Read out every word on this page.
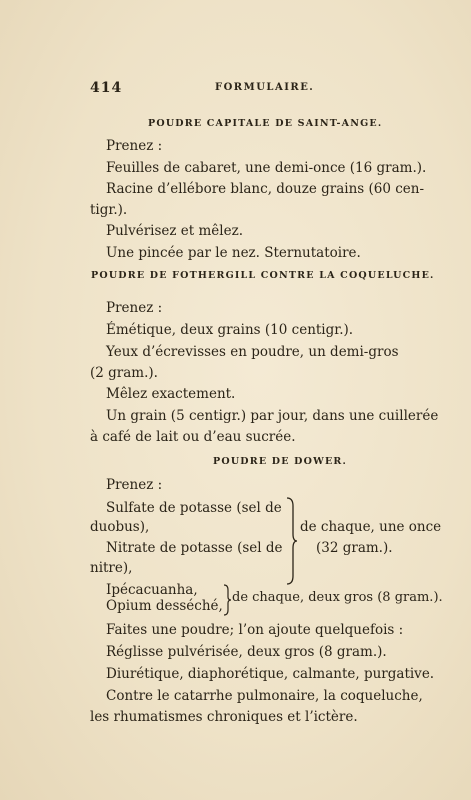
414	FORMULAIRE.
POUDRE CAPITALE DE SAINT-ANGE.
Prenez :
Feuilles de cabaret, une demi-once (16 gram.).
Racine d’ellébore blanc, douze grains (60 cen-
tigr.).
Pulvérisez et mêlez.
Une pincée par le nez. Sternutatoire.
POUDRE DE FOTHERGILL CONTRE LA COQUELUCHE.
Prenez :
Émétique, deux grains (10 centigr.).
Yeux d’écrevisses en poudre, un demi-gros
(2 gram.).
Mêlez exactement.
Un grain (5 centigr.) par jour, dans une cuillerée
à café de lait ou d’eau sucrée.
POUDRE DE DOWER.
Prenez :
Sulfate de potasse (sel de
duobus),
Nitrate de potasse (sel de
nitre),
de chaque, une once
(32 gram.).
Ipécacuanha,
Opium desséché,
de chaque, deux gros (8 gram.).
Faites une poudre; l’on ajoute quelquefois :
Réglisse pulvérisée, deux gros (8 gram.).
Diurétique, diaphorétique, calmante, purgative.
Contre le catarrhe pulmonaire, la coqueluche,
les rhumatismes chroniques et l’ictère.
